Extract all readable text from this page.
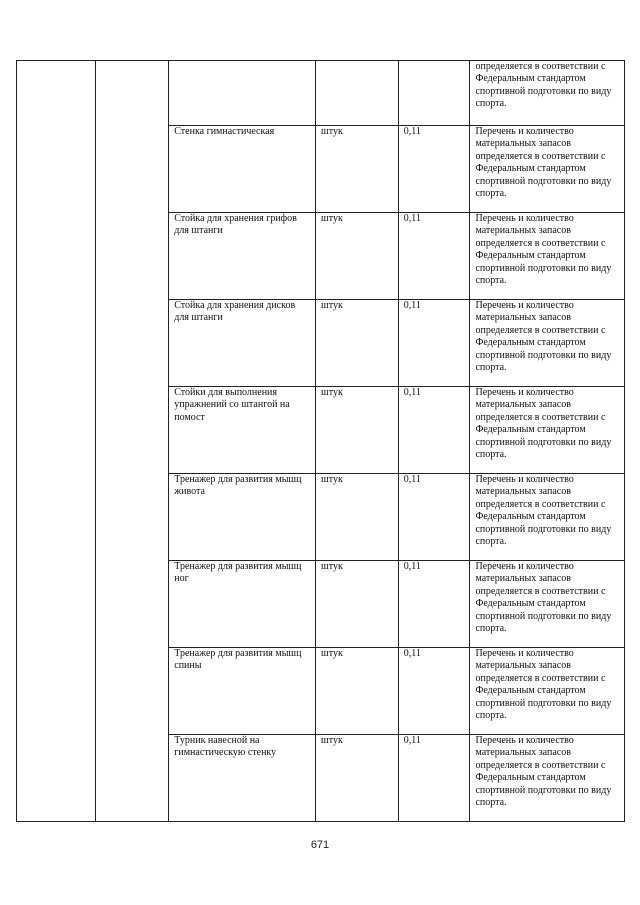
					определяется в соответствии с Федеральным стандартом спортивной подготовки по виду спорта.

		Стенка гимнастическая	штук	0,11	Перечень и количество материальных запасов определяется в соответствии с Федеральным стандартом спортивной подготовки по виду спорта.
		Стойка для хранения грифов для штанги	штук	0,11	Перечень и количество материальных запасов определяется в соответствии с Федеральным стандартом спортивной подготовки по виду спорта.
		Стойка для хранения дисков для штанги	штук	0,11	Перечень и количество материальных запасов определяется в соответствии с Федеральным стандартом спортивной подготовки по виду спорта.
		Стойки для выполнения упражнений со штангой на помост	штук	0,11	Перечень и количество материальных запасов определяется в соответствии с Федеральным стандартом спортивной подготовки по виду спорта.
		Тренажер для развития мышц живота	штук	0,11	Перечень и количество материальных запасов определяется в соответствии с Федеральным стандартом спортивной подготовки по виду спорта.
		Тренажер для развития мышц ног	штук	0,11	Перечень и количество материальных запасов определяется в соответствии с Федеральным стандартом спортивной подготовки по виду спорта.
		Тренажер для развития мышц спины	штук	0,11	Перечень и количество материальных запасов определяется в соответствии с Федеральным стандартом спортивной подготовки по виду спорта.
		Турник навесной на гимнастическую стенку	штук	0,11	Перечень и количество материальных запасов определяется в соответствии с Федеральным стандартом спортивной подготовки по виду спорта.
671
